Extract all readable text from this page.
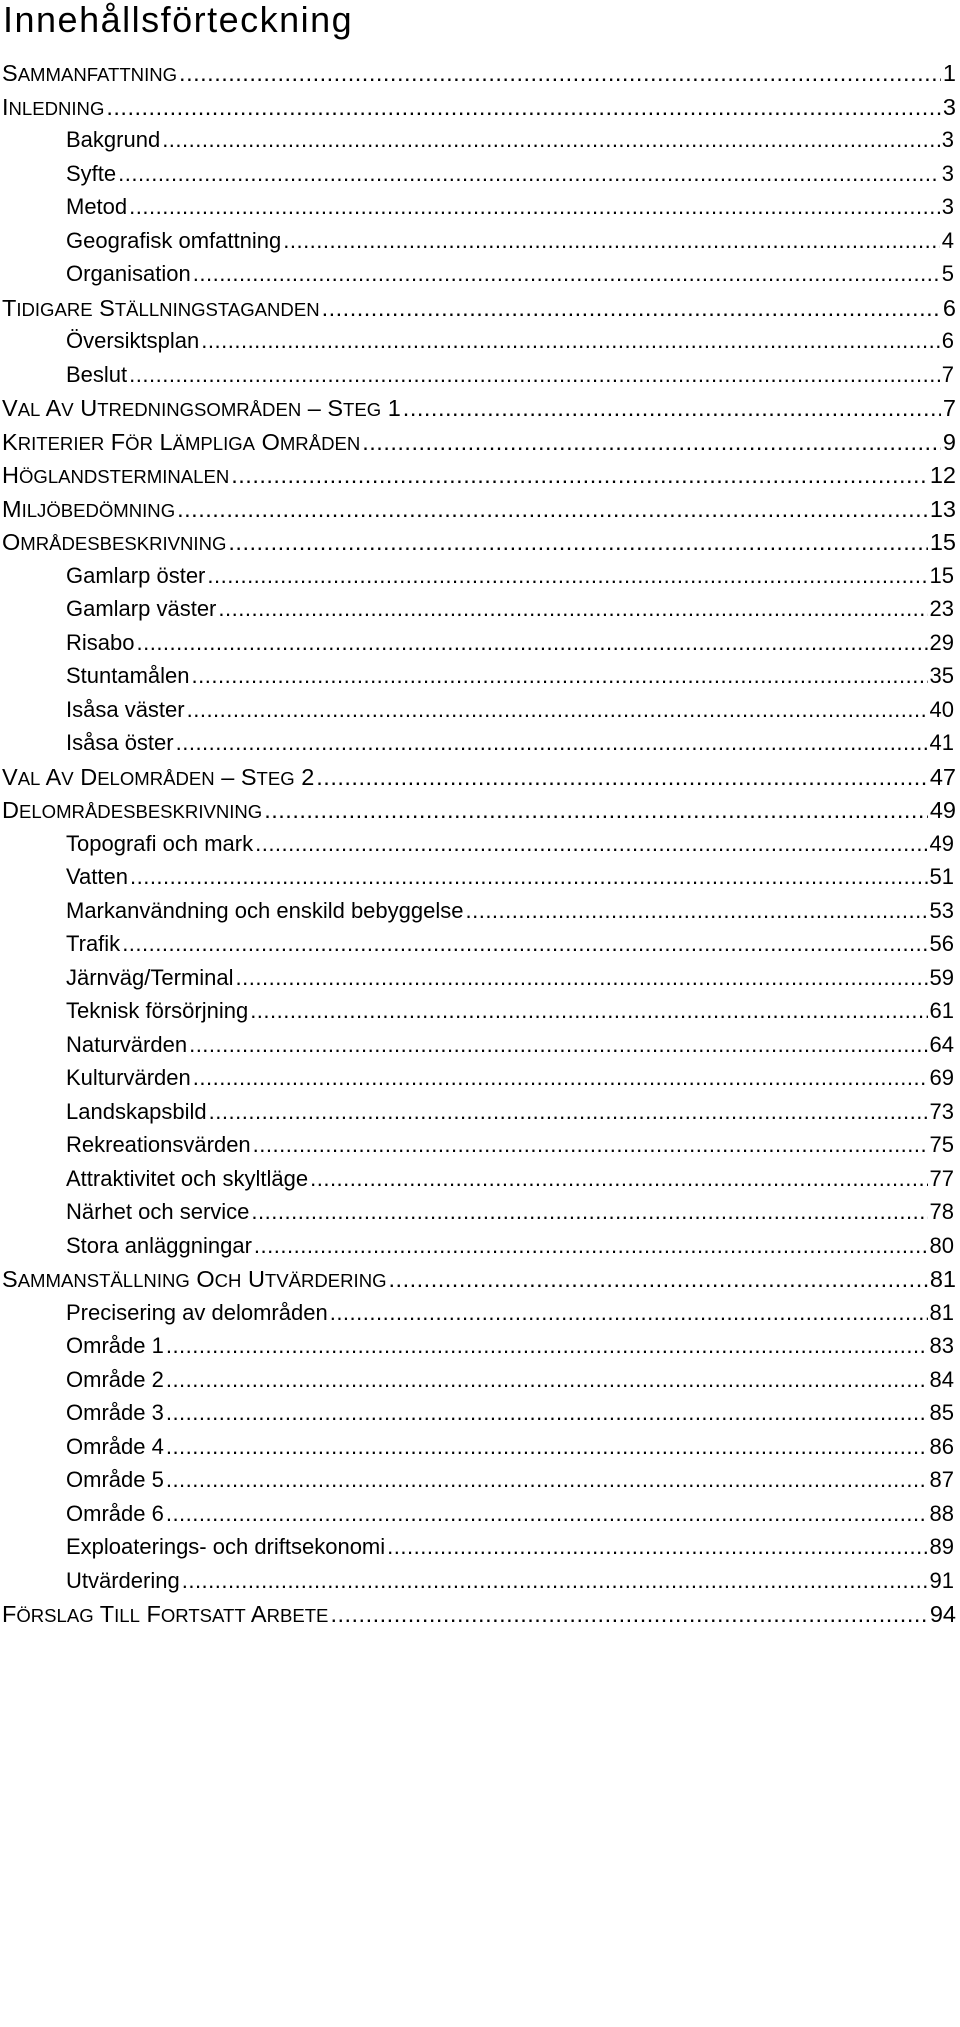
Innehållsförteckning
SAMMANFATTNING .....	1
INLEDNING .....	3
Bakgrund .....	3
Syfte .....	3
Metod .....	3
Geografisk omfattning .....	4
Organisation .....	5
TIDIGARE STÄLLNINGSTAGANDEN .....	6
Översiktsplan .....	6
Beslut .....	7
VAL AV UTREDNINGSOMRÅDEN – STEG 1 .....	7
KRITERIER FÖR LÄMPLIGA OMRÅDEN .....	9
HÖGLANDSTERMINALEN .....	12
MILJÖBEDÖMNING .....	13
OMRÅDESBESKRIVNING .....	15
Gamlarp öster .....	15
Gamlarp väster .....	23
Risabo .....	29
Stuntamålen .....	35
Isåsa väster .....	40
Isåsa öster .....	41
VAL AV DELOMRÅDEN – STEG 2 .....	47
DELOMRÅDESBESKRIVNING .....	49
Topografi och mark .....	49
Vatten .....	51
Markanvändning och enskild bebyggelse .....	53
Trafik .....	56
Järnväg/Terminal .....	59
Teknisk försörjning .....	61
Naturvärden .....	64
Kulturvärden .....	69
Landskapsbild .....	73
Rekreationsvärden .....	75
Attraktivitet och skyltläge .....	77
Närhet och service .....	78
Stora anläggningar .....	80
SAMMANSTÄLLNING OCH UTVÄRDERING .....	81
Precisering av delområden .....	81
Område 1 .....	83
Område 2 .....	84
Område 3 .....	85
Område 4 .....	86
Område 5 .....	87
Område 6 .....	88
Exploaterings- och driftsekonomi .....	89
Utvärdering .....	91
FÖRSLAG TILL FORTSATT ARBETE .....	94
